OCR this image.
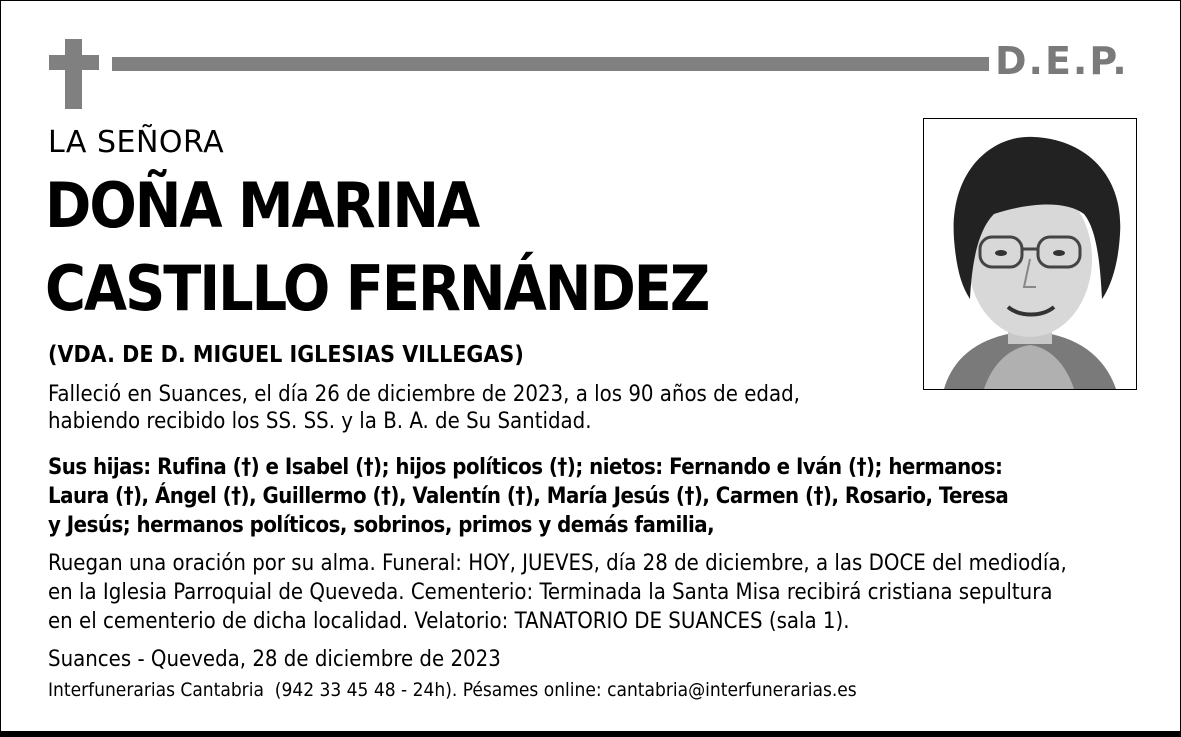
D.E.P.
LA SEÑORA
DOÑA MARINA
CASTILLO FERNÁNDEZ
(VDA. DE D. MIGUEL IGLESIAS VILLEGAS)
Falleció en Suances, el día 26 de diciembre de 2023, a los 90 años de edad,
habiendo recibido los SS. SS. y la B. A. de Su Santidad.
Sus hijas: Rufina (†) e Isabel (†); hijos políticos (†); nietos: Fernando e Iván (†); hermanos:
Laura (†), Ángel (†), Guillermo (†), Valentín (†), María Jesús (†), Carmen (†), Rosario, Teresa
y Jesús; hermanos políticos, sobrinos, primos y demás familia,
Ruegan una oración por su alma. Funeral: HOY, JUEVES, día 28 de diciembre, a las DOCE del mediodía,
en la Iglesia Parroquial de Queveda. Cementerio: Terminada la Santa Misa recibirá cristiana sepultura
en el cementerio de dicha localidad. Velatorio: TANATORIO DE SUANCES (sala 1).
Suances - Queveda, 28 de diciembre de 2023
Interfunerarias Cantabria  (942 33 45 48 - 24h). Pésames online: cantabria@interfunerarias.es
